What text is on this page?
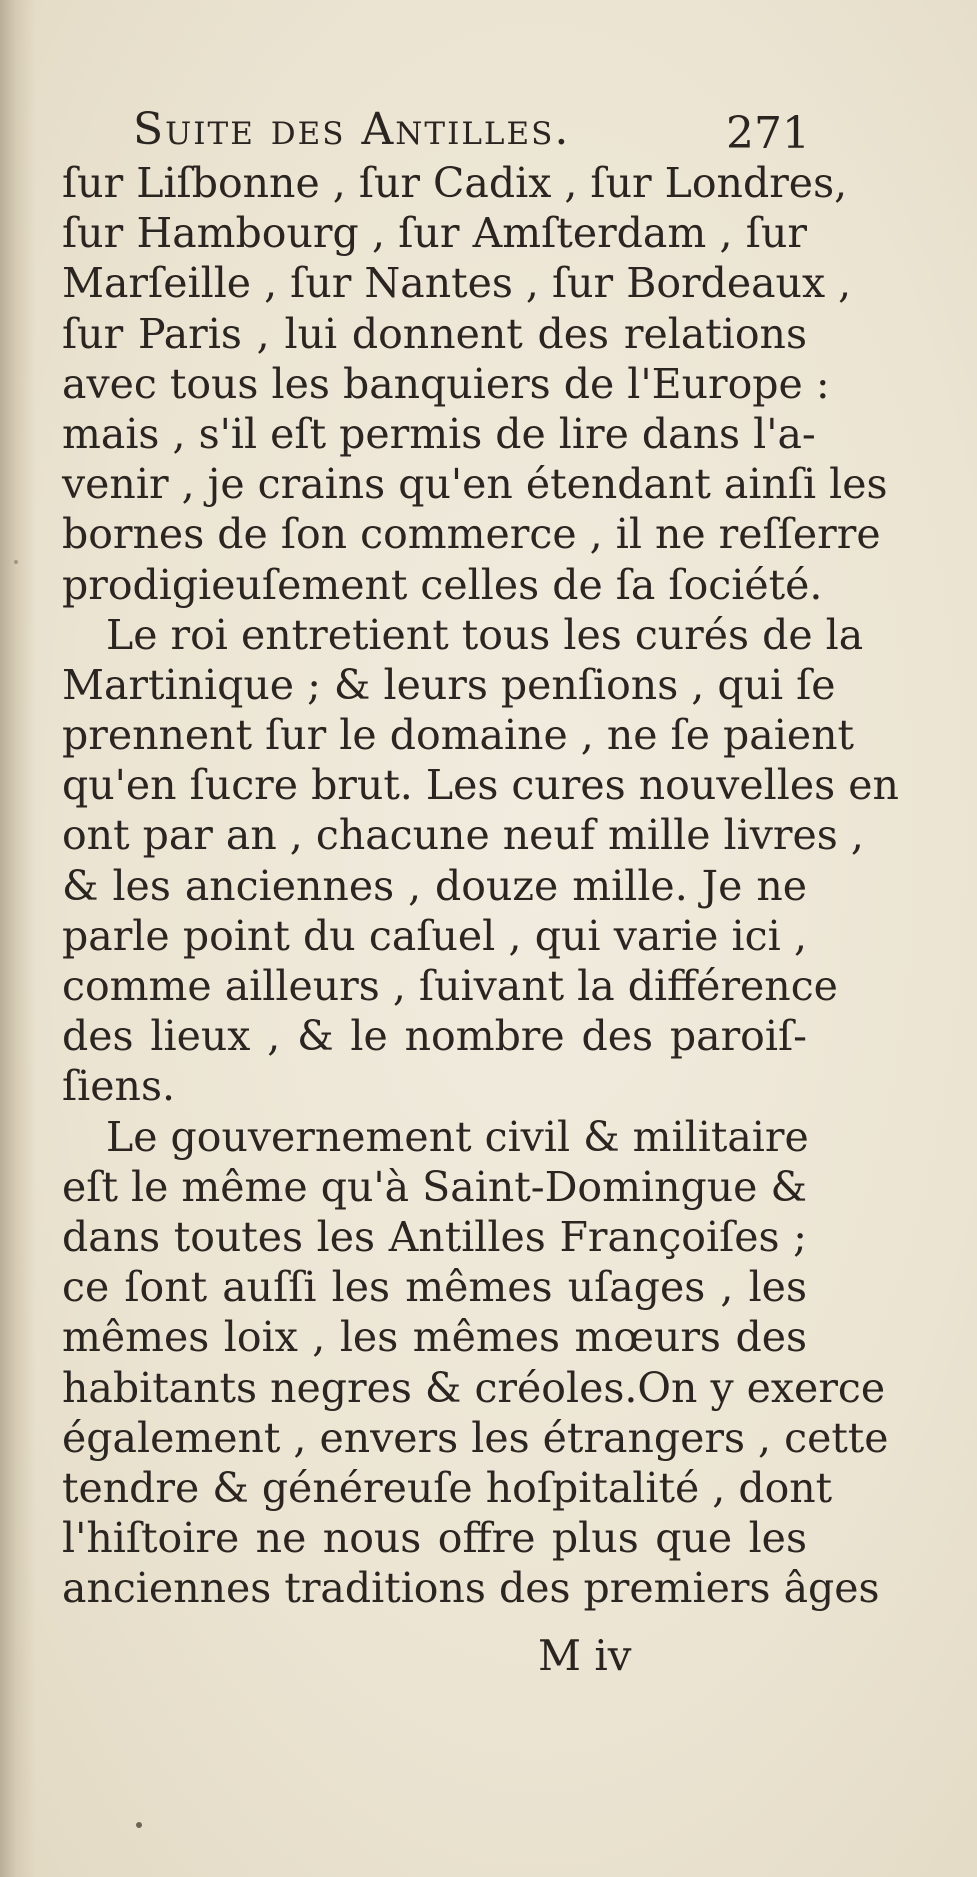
Suite des Antilles.	271
ſur Liſbonne , ſur Cadix , ſur Londres,
ſur Hambourg , ſur Amſterdam , ſur
Marſeille , ſur Nantes , ſur Bordeaux ,
ſur Paris , lui donnent des relations
avec tous les banquiers de l'Europe :
mais , s'il eſt permis de lire dans l'a-
venir , je crains qu'en étendant ainſi les
bornes de ſon commerce , il ne reſſerre
prodigieuſement celles de ſa ſociété.
Le roi entretient tous les curés de la
Martinique ; & leurs penſions , qui ſe
prennent ſur le domaine , ne ſe paient
qu'en ſucre brut. Les cures nouvelles en
ont par an , chacune neuf mille livres ,
& les anciennes , douze mille. Je ne
parle point du caſuel , qui varie ici ,
comme ailleurs , ſuivant la différence
des lieux , & le nombre des paroiſ-
ſiens.
Le gouvernement civil & militaire
eſt le même qu'à Saint-Domingue &
dans toutes les Antilles Françoiſes ;
ce ſont auſſi les mêmes uſages , les
mêmes loix , les mêmes mœurs des
habitants negres & créoles.On y exerce
également , envers les étrangers , cette
tendre & généreuſe hoſpitalité , dont
l'hiſtoire ne nous offre plus que les
anciennes traditions des premiers âges
M iv
